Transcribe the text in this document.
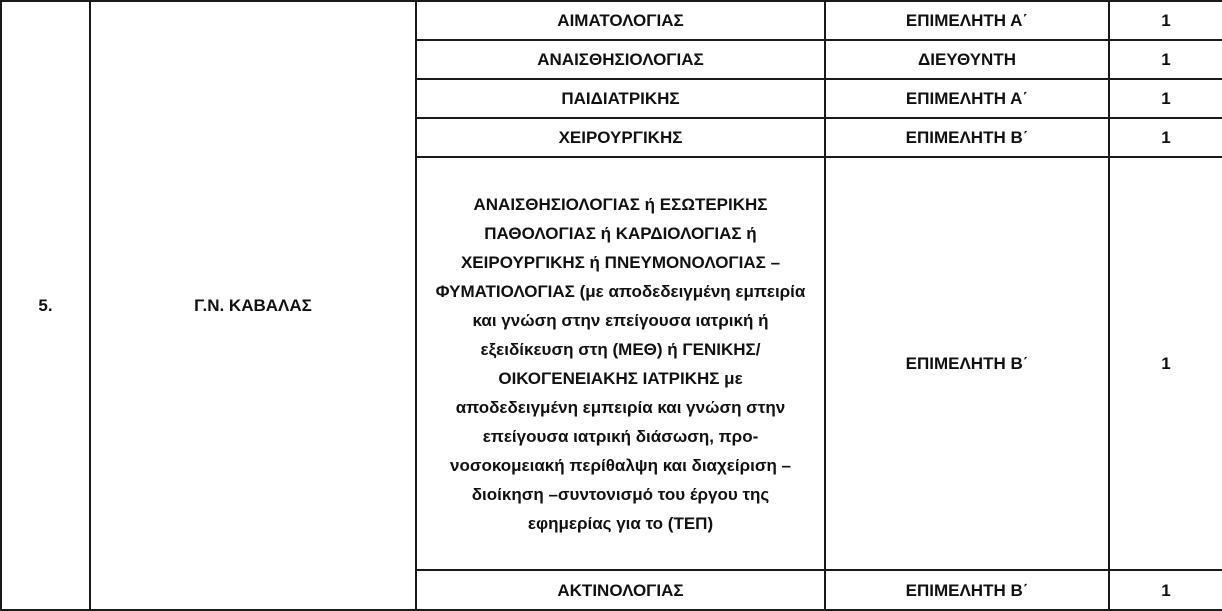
5.	Γ.Ν. ΚΑΒΑΛΑΣ	ΑΙΜΑΤΟΛΟΓΙΑΣ	ΕΠΙΜΕΛΗΤΗ Α΄	1
		ΑΝΑΙΣΘΗΣΙΟΛΟΓΙΑΣ	ΔΙΕΥΘΥΝΤΗ	1
		ΠΑΙΔΙΑΤΡΙΚΗΣ	ΕΠΙΜΕΛΗΤΗ Α΄	1
		ΧΕΙΡΟΥΡΓΙΚΗΣ	ΕΠΙΜΕΛΗΤΗ Β΄	1
		ΑΝΑΙΣΘΗΣΙΟΛΟΓΙΑΣ ή ΕΣΩΤΕΡΙΚΗΣ ΠΑΘΟΛΟΓΙΑΣ ή ΚΑΡΔΙΟΛΟΓΙΑΣ ή ΧΕΙΡΟΥΡΓΙΚΗΣ ή ΠΝΕΥΜΟΝΟΛΟΓΙΑΣ – ΦΥΜΑΤΙΟΛΟΓΙΑΣ (με αποδεδειγμένη εμπειρία και γνώση στην επείγουσα ιατρική ή εξειδίκευση στη (ΜΕΘ) ή ΓΕΝΙΚΗΣ/ΟΙΚΟΓΕΝΕΙΑΚΗΣ ΙΑΤΡΙΚΗΣ με αποδεδειγμένη εμπειρία και γνώση στην επείγουσα ιατρική διάσωση, προ-νοσοκομειακή περίθαλψη και διαχείριση –διοίκηση –συντονισμό του έργου της εφημερίας για το (ΤΕΠ)	ΕΠΙΜΕΛΗΤΗ Β΄	1
		ΑΚΤΙΝΟΛΟΓΙΑΣ	ΕΠΙΜΕΛΗΤΗ Β΄	1
